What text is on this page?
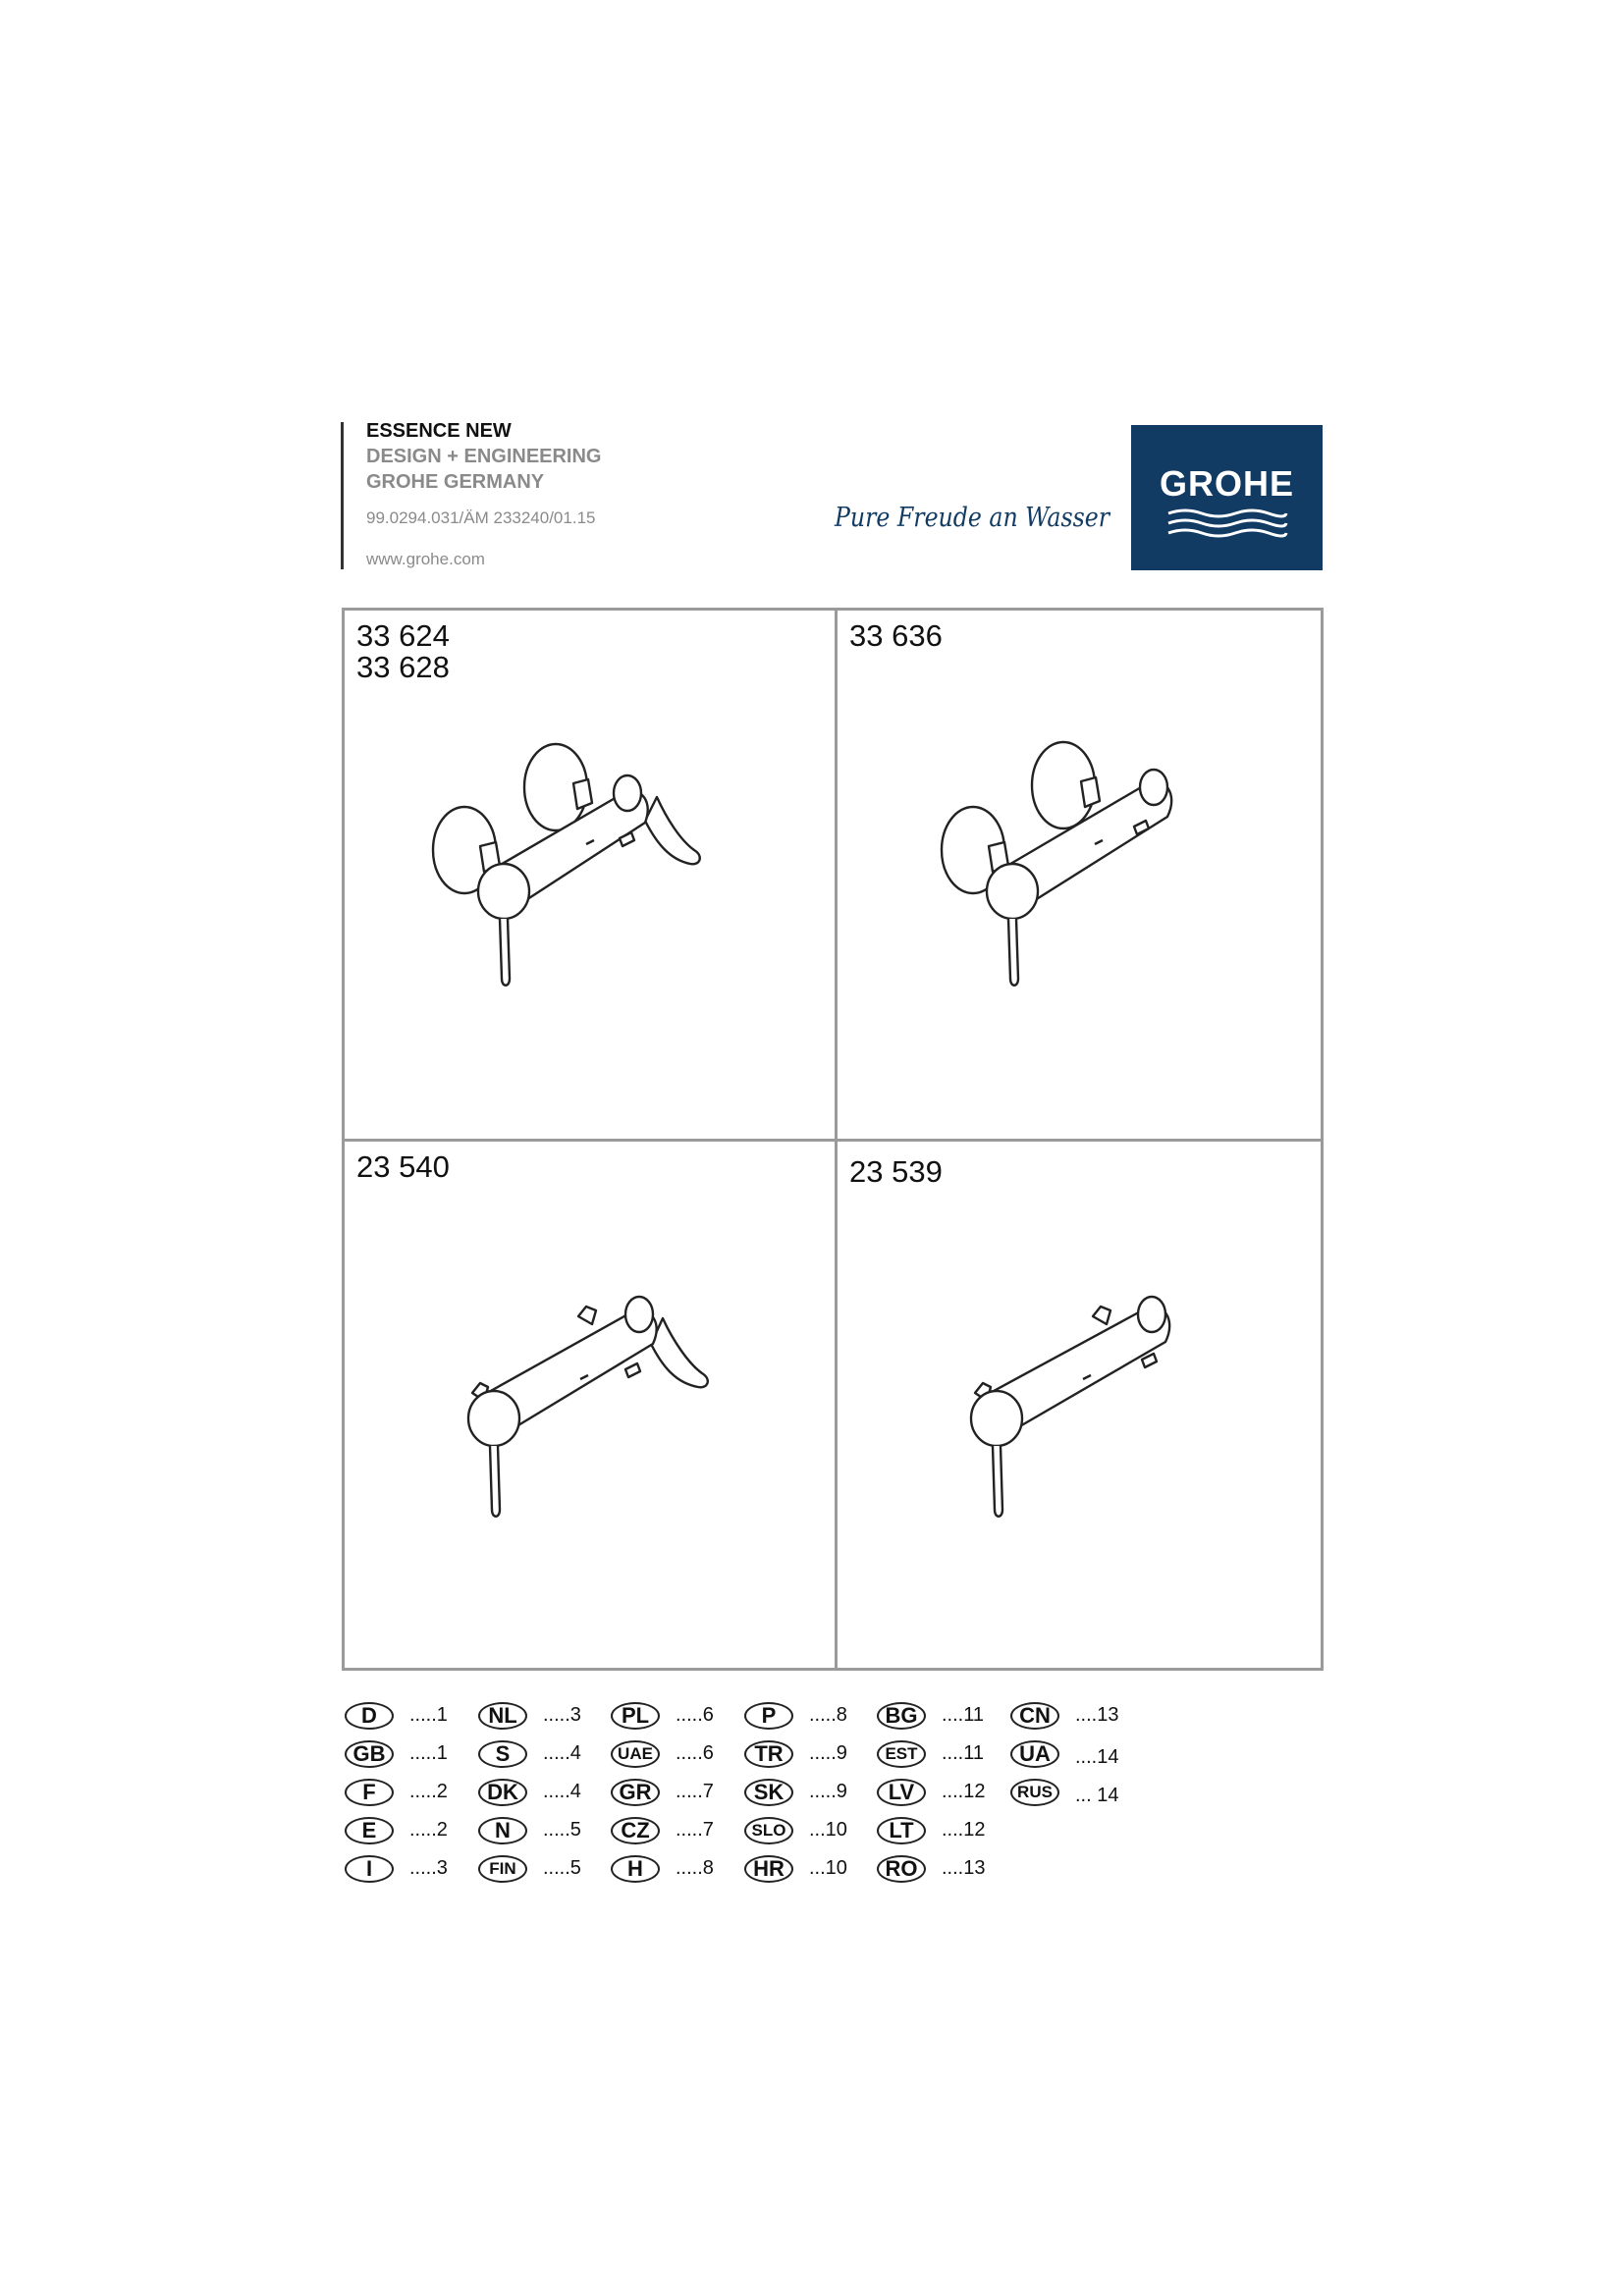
ESSENCE NEW
DESIGN + ENGINEERING
GROHE GERMANY
99.0294.031/ÄM 233240/01.15
www.grohe.com
Pure Freude an Wasser
GROHE
33 624
33 628
33 636
23 540	23 539
D	.....1
GB	.....1
F	.....2
E	.....2
I	.....3
NL	.....3
S	.....4
DK	.....4
N	.....5
FIN	.....5
PL	.....6
UAE	.....6
GR	.....7
CZ	.....7
H	.....8
P	.....8
TR	.....9
SK	.....9
SLO	...10
HR	...10
BG	....11
EST	....11
LV	....12
LT	....12
RO	....13
CN	....13
UA	....14
RUS	... 14
